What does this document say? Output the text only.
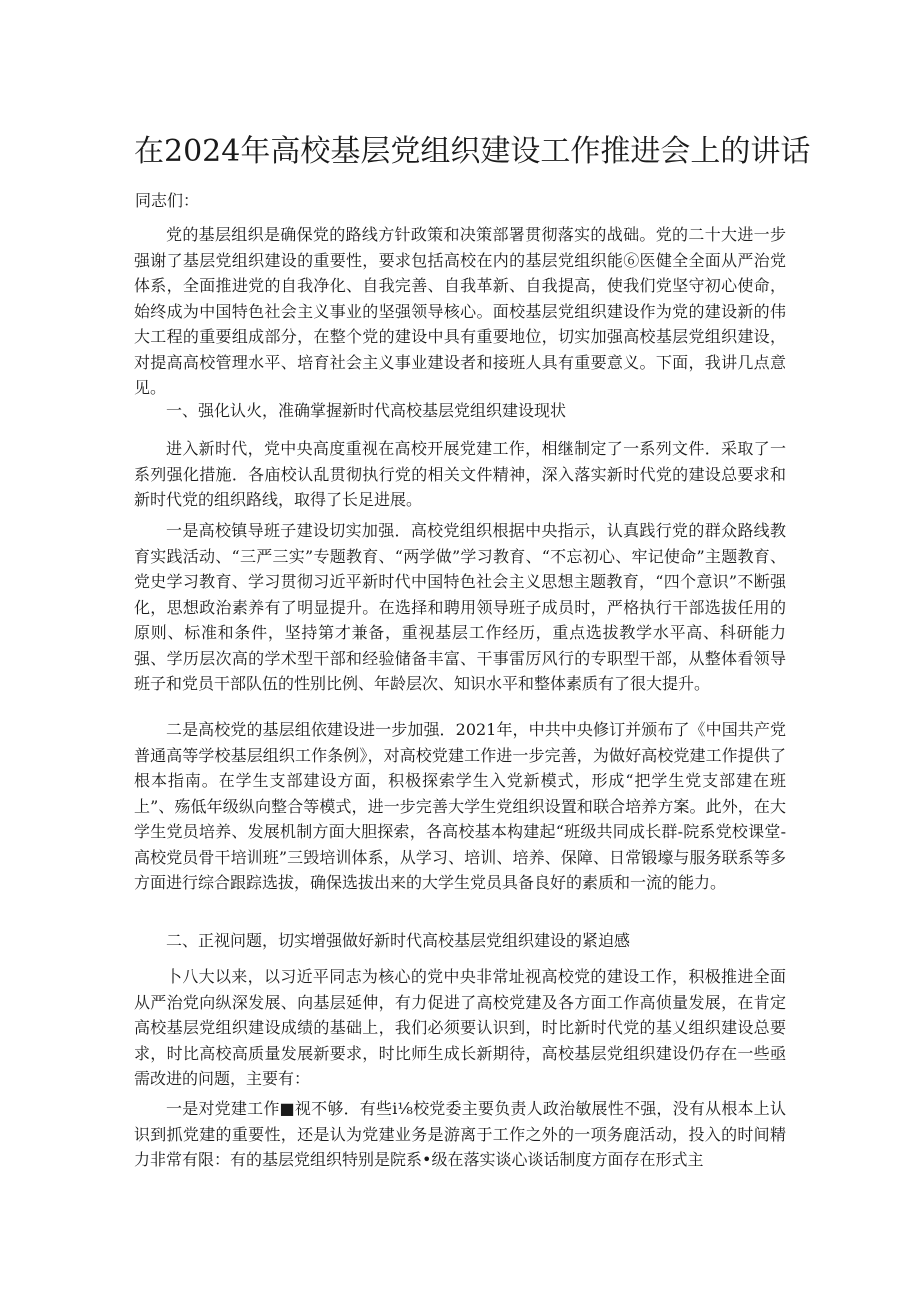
在2024年高校基层党组织建设工作推进会上的讲话

同志们：

党的基层组织是确保党的路线方针政策和决策部署贯彻落实的战础。党的二十大进一步强谢了基层党组织建设的重要性，要求包括高校在内的基层党组织能⑥医健全全面从严治党体系，全面推进党的自我净化、自我完善、自我革新、自我提高，使我们党坚守初心使命，始终成为中国特色社会主义事业的坚强领导核心。面校基层党组织建设作为党的建设新的伟大工程的重要组成部分，在整个党的建设中具有重要地位，切实加强高校基层党组织建设，对提高高校管理水平、培育社会主义事业建设者和接班人具有重要意义。下面，我讲几点意见。

一、强化认火，准确掌握新时代高校基层党组织建设现状

进入新时代，党中央高度重视在高校开展党建工作，相继制定了一系列文件．采取了一系列强化措施．各庙校认乱贯彻执行党的相关文件精神，深入落实新时代党的建设总要求和新时代党的组织路线，取得了长足进展。

一是高校镇导班子建设切实加强．高校党组织根据中央指示，认真践行党的群众路线教育实践活动、“三严三实”专题教育、“两学做”学习教育、“不忘初心、牢记使命”主题教育、党史学习教育、学习贯彻习近平新时代中国特色社会主义思想主题教育，“四个意识”不断强化，思想政治素养有了明显提升。在选择和聘用领导班子成员时，严格执行干部选拔任用的原则、标准和条件，坚持第才兼备，重视基层工作经历，重点选拔教学水平高、科研能力强、学历层次高的学术型干部和经验储备丰富、干事雷厉风行的专职型干部，从整体看领导班子和党员干部队伍的性别比例、年龄层次、知识水平和整体素质有了很大提升。

二是高校党的基层组依建设进一步加强．2021年，中共中央修订并颁布了《中国共产党普通高等学校基层组织工作条例》，对高校党建工作进一步完善，为做好高校党建工作提供了根本指南。在学生支部建设方面，积极探索学生入党新模式，形成“把学生党支部建在班上”、殇低年级纵向整合等模式，进一步完善大学生党组织设置和联合培养方案。此外，在大学生党员培养、发展机制方面大胆探索，各高校基本构建起“班级共同成长群-院系党校课堂-高校党员骨干培训班”三毁培训体系，从学习、培训、培养、保障、日常锻壕与服务联系等多方面进行综合跟踪选拔，确保选拔出来的大学生党员具备良好的素质和一流的能力。

二、正视问题，切实增强做好新时代高校基层党组织建设的紧迫感

卜八大以来，以习近平同志为核心的党中央非常址视高校党的建设工作，积极推进全面从严治党向纵深发展、向基层延伸，有力促进了高校党建及各方面工作高侦量发展，在肯定高校基层党组织建设成绩的基础上，我们必须要认识到，时比新时代党的基乂组织建设总要求，时比高校高质量发展新要求，时比师生成长新期待，高校基层党组织建设仍存在一些亟需改进的问题，主要有：

一是对党建工作■视不够．有些i⅛校党委主要负责人政治敏展性不强，没有从根本上认识到抓党建的重要性，还是认为党建业务是游离于工作之外的一项务鹿活动，投入的时间精力非常有限：有的基层党组织特别是院系•级在落实谈心谈话制度方面存在形式主
